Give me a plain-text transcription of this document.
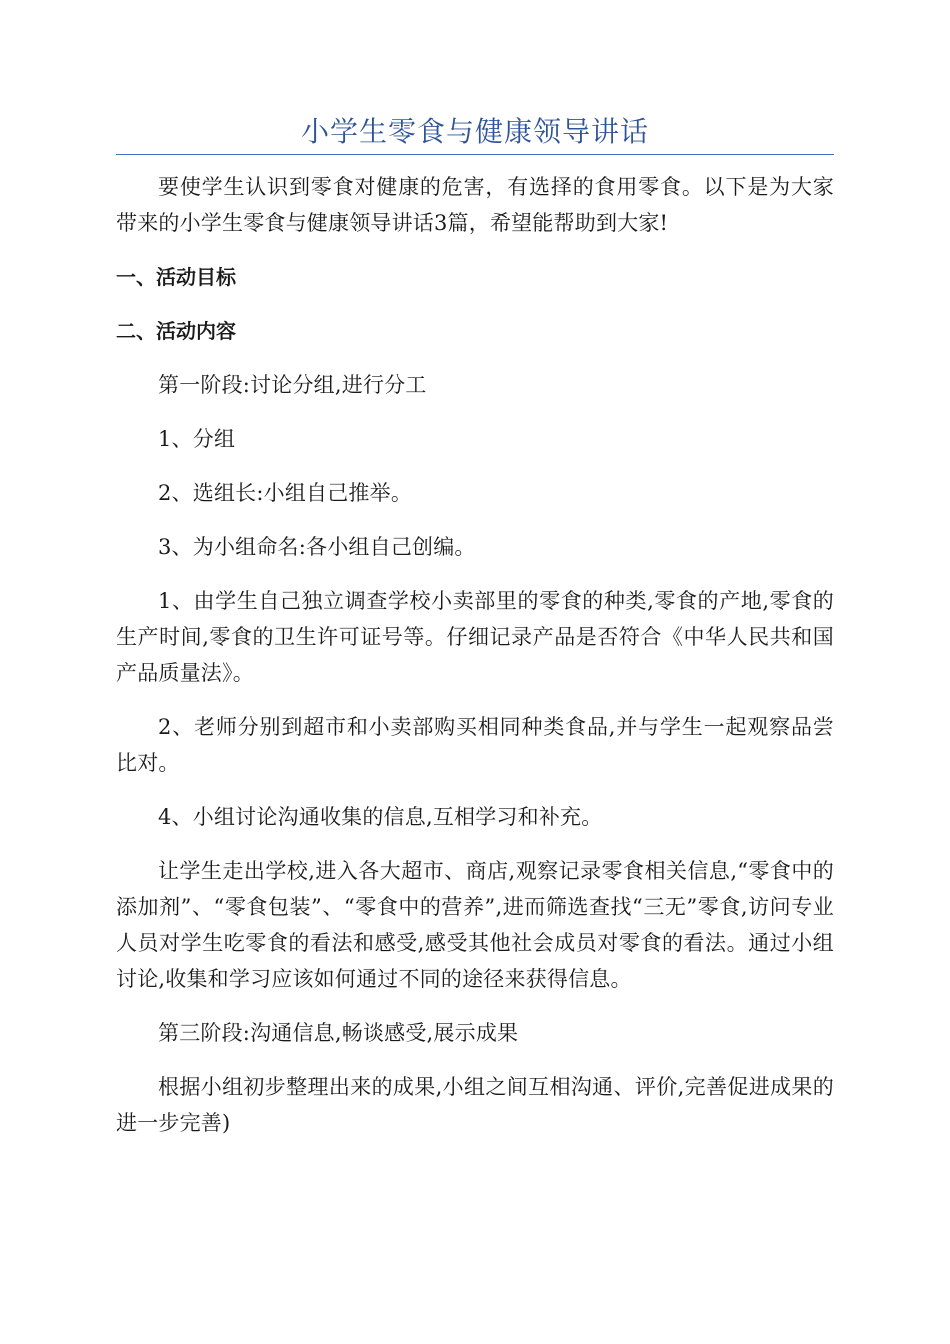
小学生零食与健康领导讲话

要使学生认识到零食对健康的危害，有选择的食用零食。以下是为大家带来的小学生零食与健康领导讲话3篇，希望能帮助到大家!

一、活动目标
二、活动内容

第一阶段:讨论分组,进行分工

1、分组

2、选组长:小组自己推举。

3、为小组命名:各小组自己创编。

1、由学生自己独立调查学校小卖部里的零食的种类,零食的产地,零食的生产时间,零食的卫生许可证号等。仔细记录产品是否符合《中华人民共和国产品质量法》。

2、老师分别到超市和小卖部购买相同种类食品,并与学生一起观察品尝比对。

4、小组讨论沟通收集的信息,互相学习和补充。

让学生走出学校,进入各大超市、商店,观察记录零食相关信息,“零食中的添加剂”、“零食包装”、“零食中的营养”,进而筛选查找“三无”零食,访问专业人员对学生吃零食的看法和感受,感受其他社会成员对零食的看法。通过小组讨论,收集和学习应该如何通过不同的途径来获得信息。

第三阶段:沟通信息,畅谈感受,展示成果

根据小组初步整理出来的成果,小组之间互相沟通、评价,完善促进成果的进一步完善)
